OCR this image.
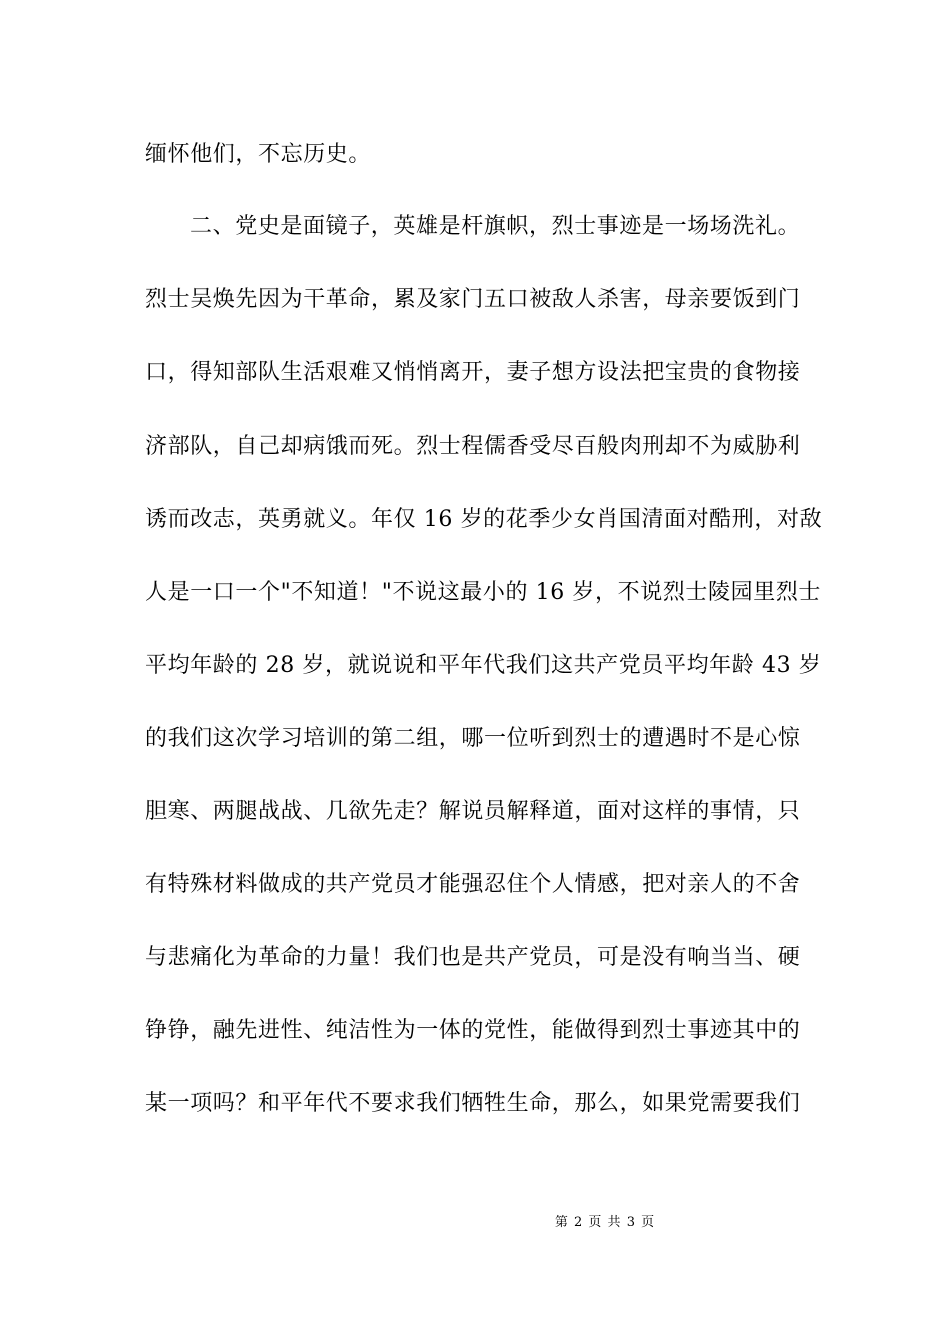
缅怀他们，不忘历史。
二、党史是面镜子，英雄是杆旗帜，烈士事迹是一场场洗礼。
烈士吴焕先因为干革命，累及家门五口被敌人杀害，母亲要饭到门
口，得知部队生活艰难又悄悄离开，妻子想方设法把宝贵的食物接
济部队，自己却病饿而死。烈士程儒香受尽百般肉刑却不为威胁利
诱而改志，英勇就义。年仅 16 岁的花季少女肖国清面对酷刑，对敌
人是一口一个"不知道！"不说这最小的 16 岁，不说烈士陵园里烈士
平均年龄的 28 岁，就说说和平年代我们这共产党员平均年龄 43 岁
的我们这次学习培训的第二组，哪一位听到烈士的遭遇时不是心惊
胆寒、两腿战战、几欲先走？解说员解释道，面对这样的事情，只
有特殊材料做成的共产党员才能强忍住个人情感，把对亲人的不舍
与悲痛化为革命的力量！我们也是共产党员，可是没有响当当、硬
铮铮，融先进性、纯洁性为一体的党性，能做得到烈士事迹其中的
某一项吗？和平年代不要求我们牺牲生命，那么，如果党需要我们
第 2 页 共 3 页
